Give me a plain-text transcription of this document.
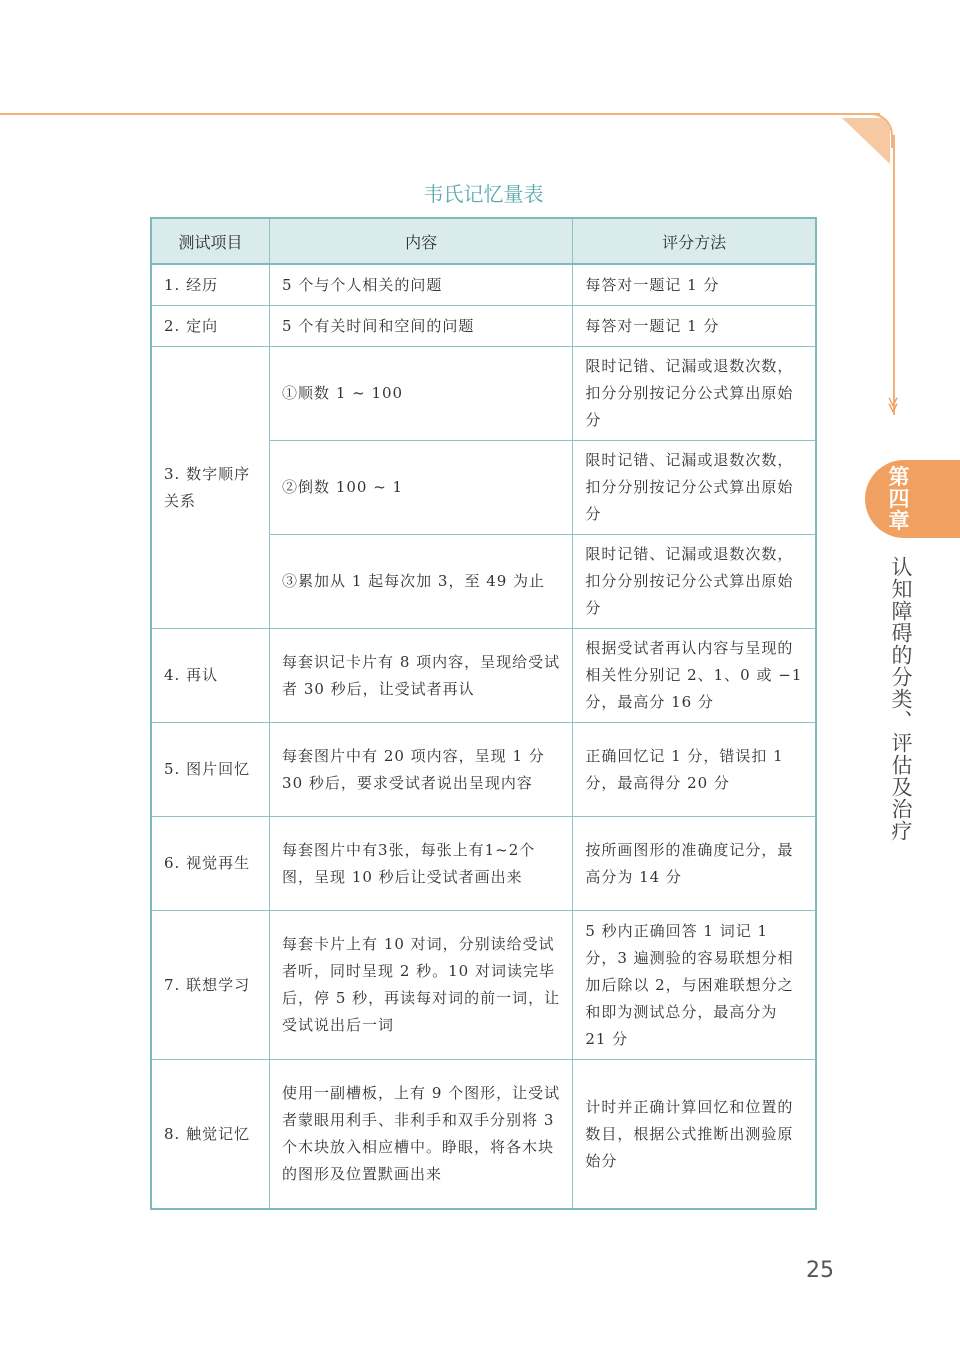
≫
第四章
认知障碍的分类、评估及治疗
韦氏记忆量表
测试项目	内容	评分方法
1. 经历	5 个与个人相关的问题	每答对一题记 1 分
2. 定向	5 个有关时间和空间的问题	每答对一题记 1 分
3. 数字顺序关系	①顺数 1 ~ 100	限时记错、记漏或退数次数，扣分分别按记分公式算出原始分
	②倒数 100 ~ 1	限时记错、记漏或退数次数，扣分分别按记分公式算出原始分
	③累加从 1 起每次加 3，至 49 为止	限时记错、记漏或退数次数，扣分分别按记分公式算出原始分
4. 再认	每套识记卡片有 8 项内容，呈现给受试者 30 秒后，让受试者再认	根据受试者再认内容与呈现的相关性分别记 2、1、0 或 −1 分，最高分 16 分
5. 图片回忆	每套图片中有 20 项内容，呈现 1 分 30 秒后，要求受试者说出呈现内容	正确回忆记 1 分，错误扣 1 分，最高得分 20 分
6. 视觉再生	每套图片中有3张，每张上有1~2个图，呈现 10 秒后让受试者画出来	按所画图形的准确度记分，最高分为 14 分
7. 联想学习	每套卡片上有 10 对词，分别读给受试者听，同时呈现 2 秒。10 对词读完毕后，停 5 秒，再读每对词的前一词，让受试说出后一词	5 秒内正确回答 1 词记 1 分，3 遍测验的容易联想分相加后除以 2，与困难联想分之和即为测试总分，最高分为 21 分
8. 触觉记忆	使用一副槽板，上有 9 个图形，让受试者蒙眼用利手、非利手和双手分别将 3 个木块放入相应槽中。睁眼，将各木块的图形及位置默画出来	计时并正确计算回忆和位置的数目，根据公式推断出测验原始分
25
